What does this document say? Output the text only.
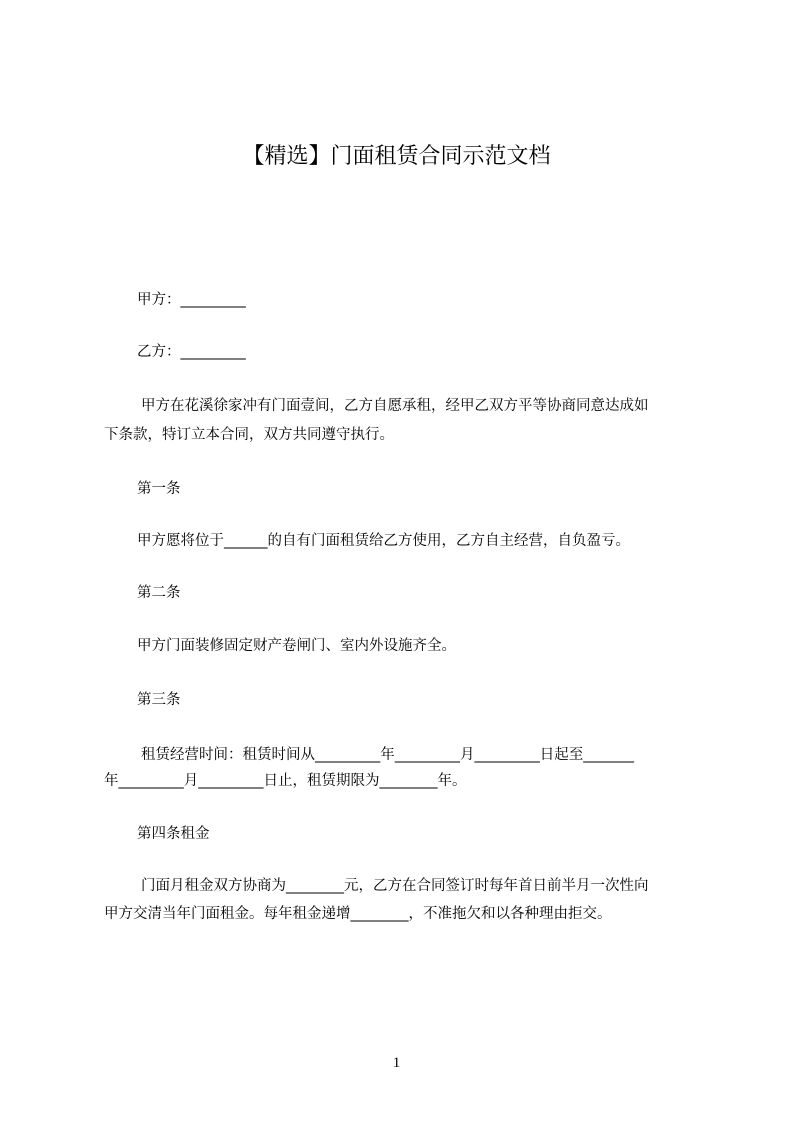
【精选】门面租赁合同示范文档
甲方：_________
乙方：_________
甲方在花溪徐家冲有门面壹间，乙方自愿承租，经甲乙双方平等协商同意达成如
下条款，特订立本合同，双方共同遵守执行。
第一条
甲方愿将位于______的自有门面租赁给乙方使用，乙方自主经营，自负盈亏。
第二条
甲方门面装修固定财产卷闸门、室内外设施齐全。
第三条
租赁经营时间：租赁时间从_________年_________月_________日起至_______
年_________月_________日止，租赁期限为________年。
第四条租金
门面月租金双方协商为________元，乙方在合同签订时每年首日前半月一次性向
甲方交清当年门面租金。每年租金递增________，不准拖欠和以各种理由拒交。
1
